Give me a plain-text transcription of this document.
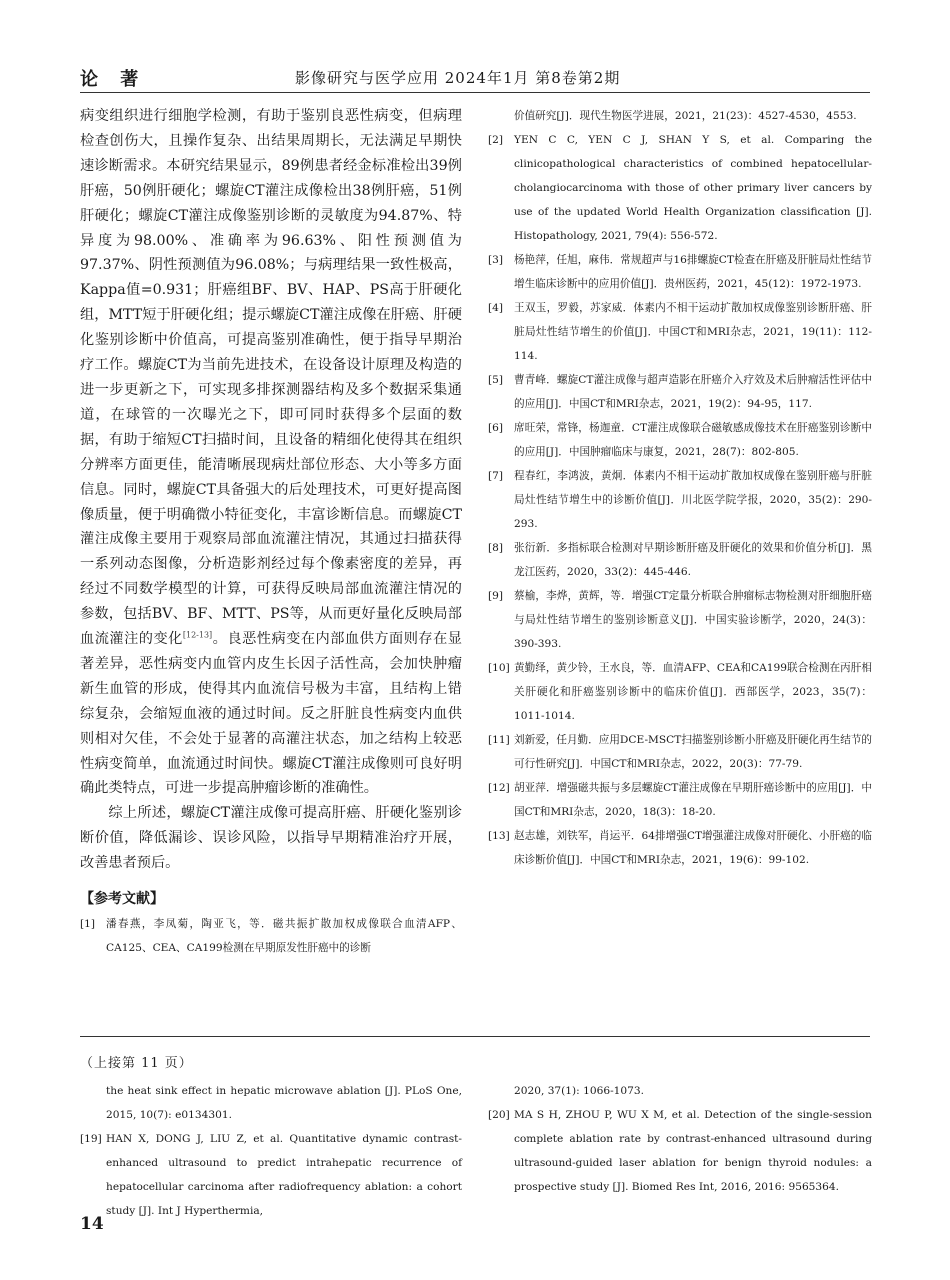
论 著	影像研究与医学应用 2024年1月 第8卷第2期

病变组织进行细胞学检测，有助于鉴别良恶性病变，但病理检查创伤大，且操作复杂、出结果周期长，无法满足早期快速诊断需求。本研究结果显示，89例患者经金标准检出39例肝癌，50例肝硬化；螺旋CT灌注成像检出38例肝癌，51例肝硬化；螺旋CT灌注成像鉴别诊断的灵敏度为94.87%、特异度为98.00%、准确率为96.63%、阳性预测值为97.37%、阴性预测值为96.08%；与病理结果一致性极高，Kappa值=0.931；肝癌组BF、BV、HAP、PS高于肝硬化组，MTT短于肝硬化组；提示螺旋CT灌注成像在肝癌、肝硬化鉴别诊断中价值高，可提高鉴别准确性，便于指导早期治疗工作。螺旋CT为当前先进技术，在设备设计原理及构造的进一步更新之下，可实现多排探测器结构及多个数据采集通道，在球管的一次曝光之下，即可同时获得多个层面的数据，有助于缩短CT扫描时间，且设备的精细化使得其在组织分辨率方面更佳，能清晰展现病灶部位形态、大小等多方面信息。同时，螺旋CT具备强大的后处理技术，可更好提高图像质量，便于明确微小特征变化，丰富诊断信息。而螺旋CT灌注成像主要用于观察局部血流灌注情况，其通过扫描获得一系列动态图像，分析造影剂经过每个像素密度的差异，再经过不同数学模型的计算，可获得反映局部血流灌注情况的参数，包括BV、BF、MTT、PS等，从而更好量化反映局部血流灌注的变化[12-13]。良恶性病变在内部血供方面则存在显著差异，恶性病变内血管内皮生长因子活性高，会加快肿瘤新生血管的形成，使得其内血流信号极为丰富，且结构上错综复杂，会缩短血液的通过时间。反之肝脏良性病变内血供则相对欠佳，不会处于显著的高灌注状态，加之结构上较恶性病变简单，血流通过时间快。螺旋CT灌注成像则可良好明确此类特点，可进一步提高肿瘤诊断的准确性。

综上所述，螺旋CT灌注成像可提高肝癌、肝硬化鉴别诊断价值，降低漏诊、误诊风险，以指导早期精准治疗开展，改善患者预后。

【参考文献】

[1] 潘春燕，李凤菊，陶亚飞，等．磁共振扩散加权成像联合血清AFP、CA125、CEA、CA199检测在早期原发性肝癌中的诊断
价值研究[J]．现代生物医学进展，2021，21(23)：4527-4530，4553.
[2] YEN C C, YEN C J, SHAN Y S, et al. Comparing the clinicopathological characteristics of combined hepatocellular-cholangiocarcinoma with those of other primary liver cancers by use of the updated World Health Organization classification [J]. Histopathology, 2021, 79(4): 556-572.
[3] 杨艳萍，任旭，麻伟．常规超声与16排螺旋CT检查在肝癌及肝脏局灶性结节增生临床诊断中的应用价值[J]．贵州医药，2021，45(12)：1972-1973.
[4] 王双玉，罗毅，苏家威．体素内不相干运动扩散加权成像鉴别诊断肝癌、肝脏局灶性结节增生的价值[J]．中国CT和MRI杂志，2021，19(11)：112-114.
[5] 曹青峰．螺旋CT灌注成像与超声造影在肝癌介入疗效及术后肿瘤活性评估中的应用[J]．中国CT和MRI杂志，2021，19(2)：94-95，117.
[6] 席旺荣，常锋，杨迦童．CT灌注成像联合磁敏感成像技术在肝癌鉴别诊断中的应用[J]．中国肿瘤临床与康复，2021，28(7)：802-805.
[7] 程春红，李鸿波，黄炯．体素内不相干运动扩散加权成像在鉴别肝癌与肝脏局灶性结节增生中的诊断价值[J]．川北医学院学报，2020，35(2)：290-293.
[8] 张衍新．多指标联合检测对早期诊断肝癌及肝硬化的效果和价值分析[J]．黑龙江医药，2020，33(2)：445-446.
[9] 蔡榆，李烨，黄辉，等．增强CT定量分析联合肿瘤标志物检测对肝细胞肝癌与局灶性结节增生的鉴别诊断意义[J]．中国实验诊断学，2020，24(3)：390-393.
[10] 黄勤绎，黄少铃，王水良，等．血清AFP、CEA和CA199联合检测在丙肝相关肝硬化和肝癌鉴别诊断中的临床价值[J]．西部医学，2023，35(7)：1011-1014.
[11] 刘新爱，任月勤．应用DCE-MSCT扫描鉴别诊断小肝癌及肝硬化再生结节的可行性研究[J]．中国CT和MRI杂志，2022，20(3)：77-79.
[12] 胡亚萍．增强磁共振与多层螺旋CT灌注成像在早期肝癌诊断中的应用[J]．中国CT和MRI杂志，2020，18(3)：18-20.
[13] 赵志雄，刘铁军，肖运平．64排增强CT增强灌注成像对肝硬化、小肝癌的临床诊断价值[J]．中国CT和MRI杂志，2021，19(6)：99-102.
（上接第 11 页）
the heat sink effect in hepatic microwave ablation [J]. PLoS One, 2015, 10(7): e0134301.
[19] HAN X, DONG J, LIU Z, et al. Quantitative dynamic contrast-enhanced ultrasound to predict intrahepatic recurrence of hepatocellular carcinoma after radiofrequency ablation: a cohort study [J]. Int J Hyperthermia,
2020, 37(1): 1066-1073.
[20] MA S H, ZHOU P, WU X M, et al. Detection of the single-session complete ablation rate by contrast-enhanced ultrasound during ultrasound-guided laser ablation for benign thyroid nodules: a prospective study [J]. Biomed Res Int, 2016, 2016: 9565364.
14
